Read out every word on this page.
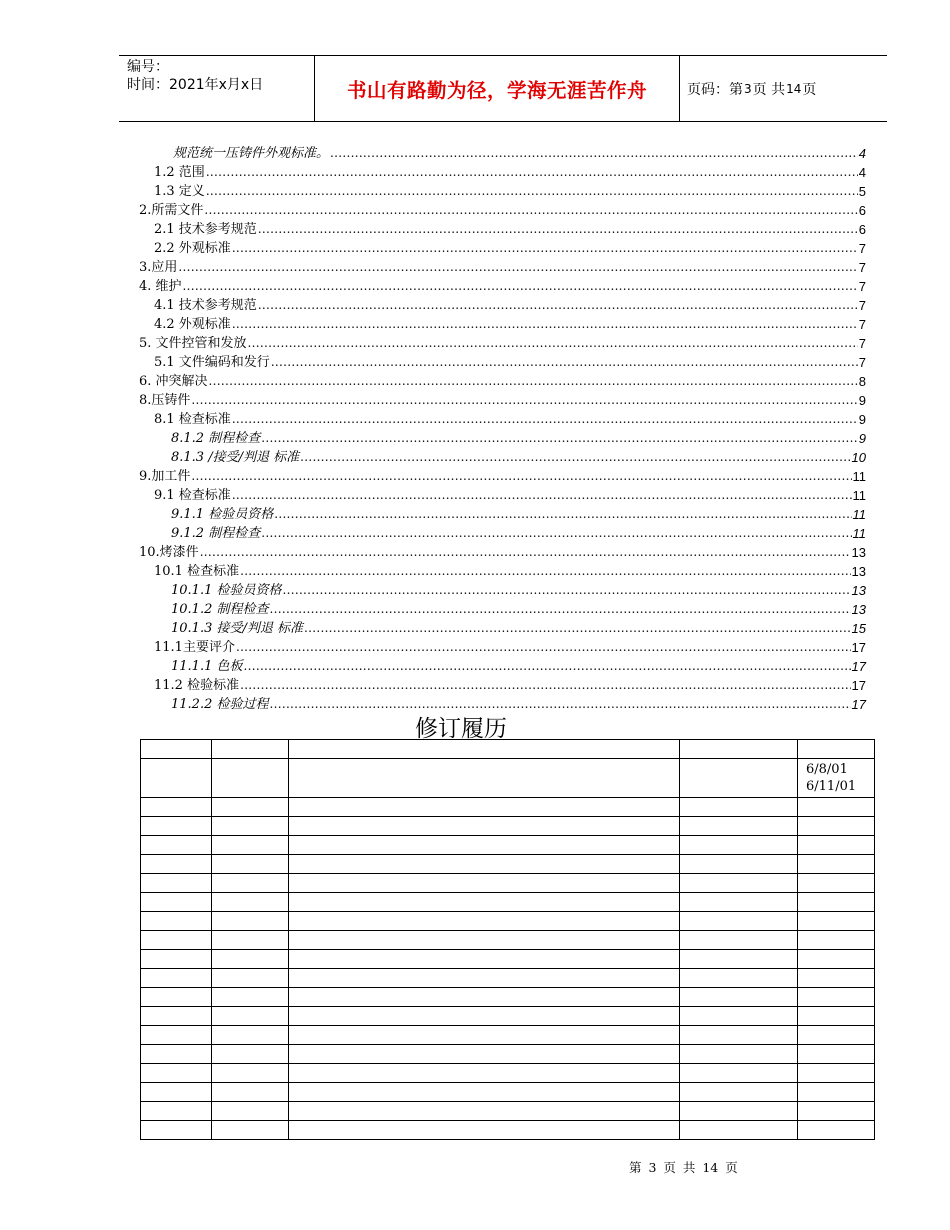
编号：
时间：2021年x月x日	书山有路勤为径，学海无涯苦作舟	页码：第 3 页 共 14 页
规范统一压铸件外观标准。 .....	4
1.2 范围 .....	4
1.3 定义 .....	5
2.所需文件 .....	6
2.1 技术参考规范 .....	6
2.2 外观标准 .....	7
3.应用 .....	7
4. 维护 .....	7
4.1 技术参考规范 .....	7
4.2 外观标准 .....	7
5. 文件控管和发放 .....	7
5.1 文件编码和发行 .....	7
6. 冲突解决 .....	8
8.压铸件 .....	9
8.1 检查标准 .....	9
8.1.2 制程检查 .....	9
8.1.3 /接受/判退 标准 .....	10
9.加工件 .....	11
9.1 检查标准 .....	11
9.1.1 检验员资格 .....	11
9.1.2 制程检查 .....	11
10.烤漆件 .....	13
10.1 检查标准 .....	13
10.1.1 检验员资格 .....	13
10.1.2 制程检查 .....	13
10.1.3 接受/判退 标准 .....	15
11.1主要评介 .....	17
11.1.1 色板 .....	17
11.2 检验标准 .....	17
11.2.2 检验过程 .....	17
修订履历

				6/8/01
6/11/01

第 3 页 共 14 页
